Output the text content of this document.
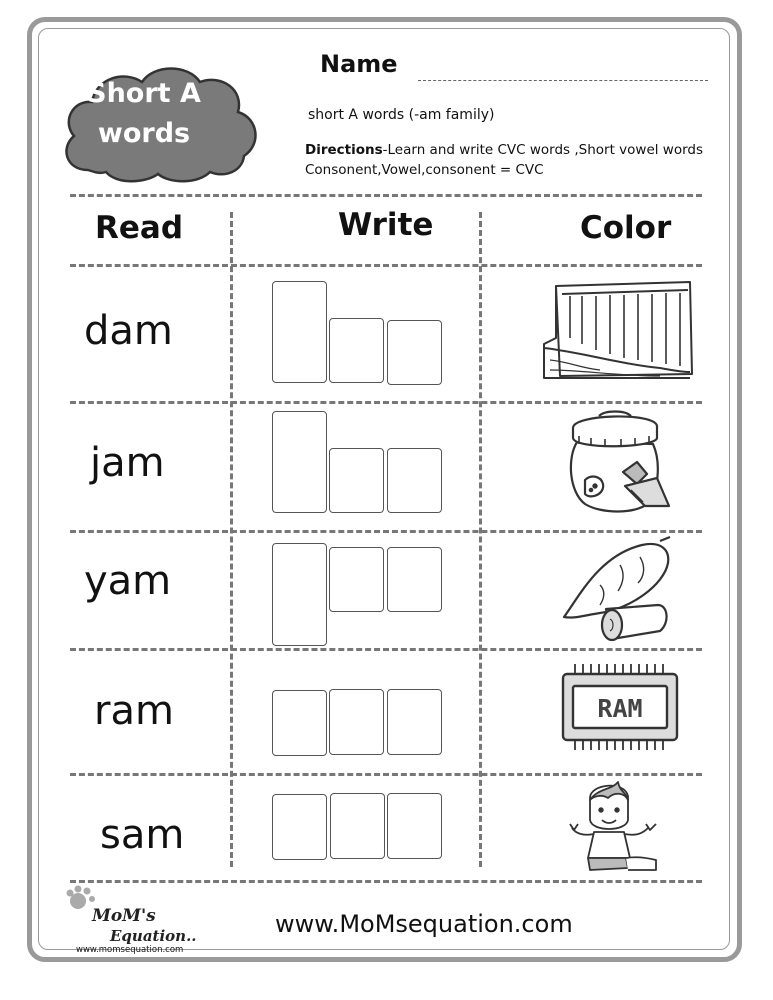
Short A
words
Name
short A words (-am family)
Directions-Learn and write CVC words ,Short vowel words
Consonent,Vowel,consonent = CVC
Read	Write	Color
dam
jam
yam
ram
sam
RAM
MoM's
Equation..
www.momsequation.com
www.MoMsequation.com
